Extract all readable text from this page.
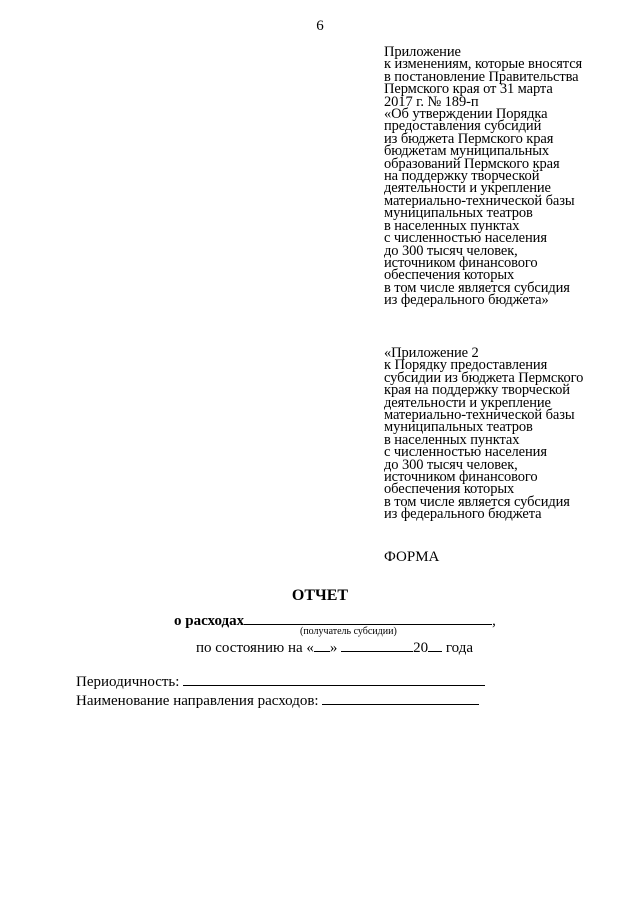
6
Приложение
к изменениям, которые вносятся
в постановление Правительства
Пермского края от 31 марта
2017 г. № 189-п
«Об утверждении Порядка
предоставления субсидий
из бюджета Пермского края
бюджетам муниципальных
образований Пермского края
на поддержку творческой
деятельности и укрепление
материально-технической базы
муниципальных театров
в населенных пунктах
с численностью населения
до 300 тысяч человек,
источником финансового
обеспечения которых
в том числе является субсидия
из федерального бюджета»
«Приложение 2
к Порядку предоставления
субсидии из бюджета Пермского
края на поддержку творческой
деятельности и укрепление
материально-технической базы
муниципальных театров
в населенных пунктах
с численностью населения
до 300 тысяч человек,
источником финансового
обеспечения которых
в том числе является субсидия
из федерального бюджета
ФОРМА
ОТЧЕТ
о расходах	,
(получатель субсидии)
по состоянию на « »	20 года
Периодичность:
Наименование направления расходов:
